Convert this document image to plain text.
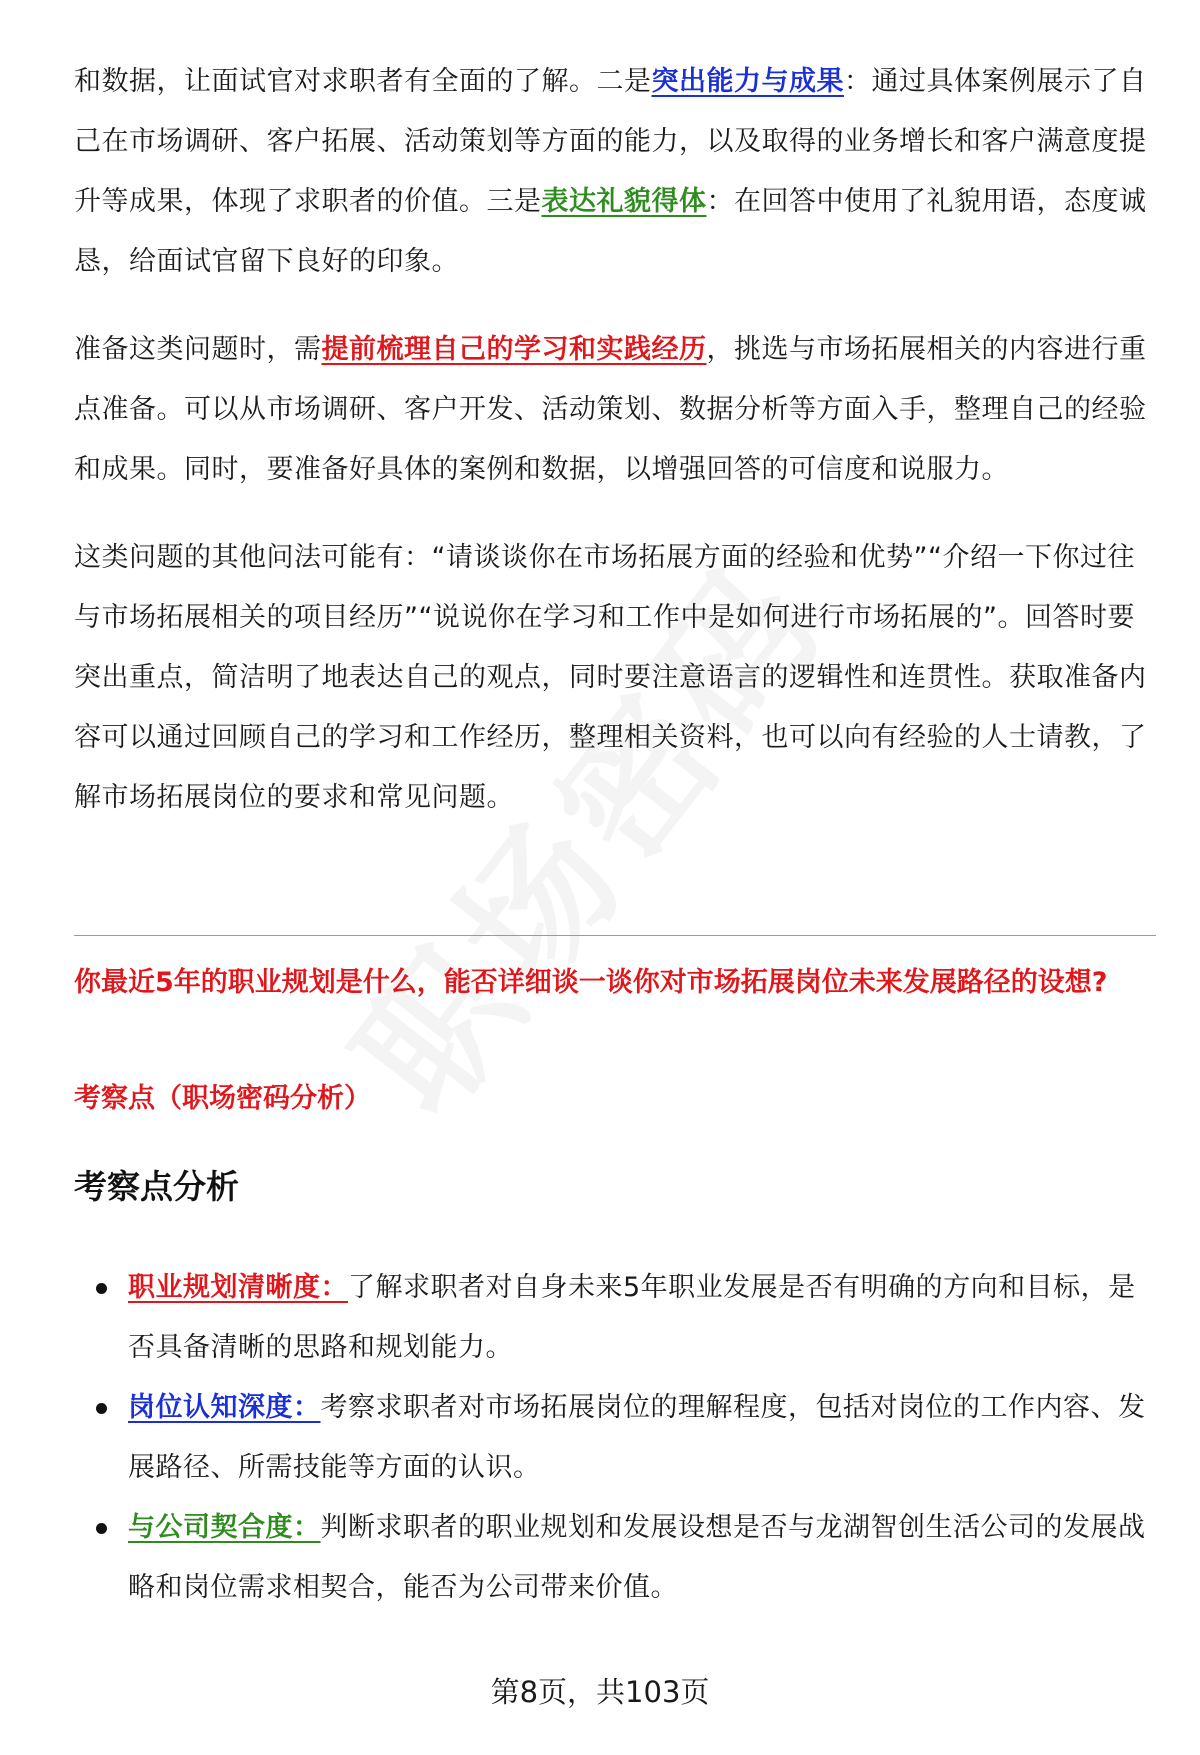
和数据，让面试官对求职者有全面的了解。二是突出能力与成果：通过具体案例展示了自己在市场调研、客户拓展、活动策划等方面的能力，以及取得的业务增长和客户满意度提升等成果，体现了求职者的价值。三是表达礼貌得体：在回答中使用了礼貌用语，态度诚恳，给面试官留下良好的印象。

准备这类问题时，需提前梳理自己的学习和实践经历，挑选与市场拓展相关的内容进行重点准备。可以从市场调研、客户开发、活动策划、数据分析等方面入手，整理自己的经验和成果。同时，要准备好具体的案例和数据，以增强回答的可信度和说服力。

这类问题的其他问法可能有：“请谈谈你在市场拓展方面的经验和优势”“介绍一下你过往与市场拓展相关的项目经历”“说说你在学习和工作中是如何进行市场拓展的”。回答时要突出重点，简洁明了地表达自己的观点，同时要注意语言的逻辑性和连贯性。获取准备内容可以通过回顾自己的学习和工作经历，整理相关资料，也可以向有经验的人士请教，了解市场拓展岗位的要求和常见问题。

你最近5年的职业规划是什么，能否详细谈一谈你对市场拓展岗位未来发展路径的设想?

考察点（职场密码分析）

考察点分析
职业规划清晰度：了解求职者对自身未来5年职业发展是否有明确的方向和目标，是否具备清晰的思路和规划能力。
岗位认知深度：考察求职者对市场拓展岗位的理解程度，包括对岗位的工作内容、发展路径、所需技能等方面的认识。
与公司契合度：判断求职者的职业规划和发展设想是否与龙湖智创生活公司的发展战略和岗位需求相契合，能否为公司带来价值。
第8页，共103页
